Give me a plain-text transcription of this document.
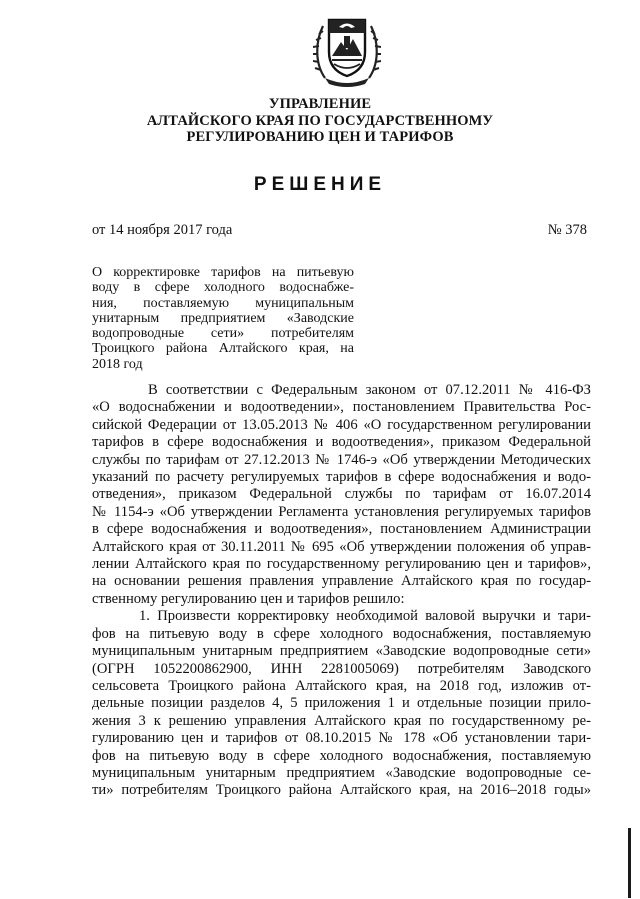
УПРАВЛЕНИЕ
АЛТАЙСКОГО КРАЯ ПО ГОСУДАРСТВЕННОМУ
РЕГУЛИРОВАНИЮ ЦЕН И ТАРИФОВ
РЕШЕНИЕ
от 14 ноября 2017 года	№ 378
О корректировке тарифов на питьевую
воду в сфере холодного водоснабже-
ния, поставляемую муниципальным
унитарным предприятием «Заводские
водопроводные сети» потребителям
Троицкого района Алтайского края, на
2018 год
В соответствии с Федеральным законом от 07.12.2011 № 416-ФЗ
«О водоснабжении и водоотведении», постановлением Правительства Рос-
сийской Федерации от 13.05.2013 № 406 «О государственном регулировании
тарифов в сфере водоснабжения и водоотведения», приказом Федеральной
службы по тарифам от 27.12.2013 № 1746-э «Об утверждении Методических
указаний по расчету регулируемых тарифов в сфере водоснабжения и водо-
отведения», приказом Федеральной службы по тарифам от 16.07.2014
№ 1154-э «Об утверждении Регламента установления регулируемых тарифов
в сфере водоснабжения и водоотведения», постановлением Администрации
Алтайского края от 30.11.2011 № 695 «Об утверждении положения об управ-
лении Алтайского края по государственному регулированию цен и тарифов»,
на основании решения правления управление Алтайского края по государ-
ственному регулированию цен и тарифов решило:
1. Произвести корректировку необходимой валовой выручки и тари-
фов на питьевую воду в сфере холодного водоснабжения, поставляемую
муниципальным унитарным предприятием «Заводские водопроводные сети»
(ОГРН 1052200862900, ИНН 2281005069) потребителям Заводского
сельсовета Троицкого района Алтайского края, на 2018 год, изложив от-
дельные позиции разделов 4, 5 приложения 1 и отдельные позиции прило-
жения 3 к решению управления Алтайского края по государственному ре-
гулированию цен и тарифов от 08.10.2015 № 178 «Об установлении тари-
фов на питьевую воду в сфере холодного водоснабжения, поставляемую
муниципальным унитарным предприятием «Заводские водопроводные се-
ти» потребителям Троицкого района Алтайского края, на 2016–2018 годы»
